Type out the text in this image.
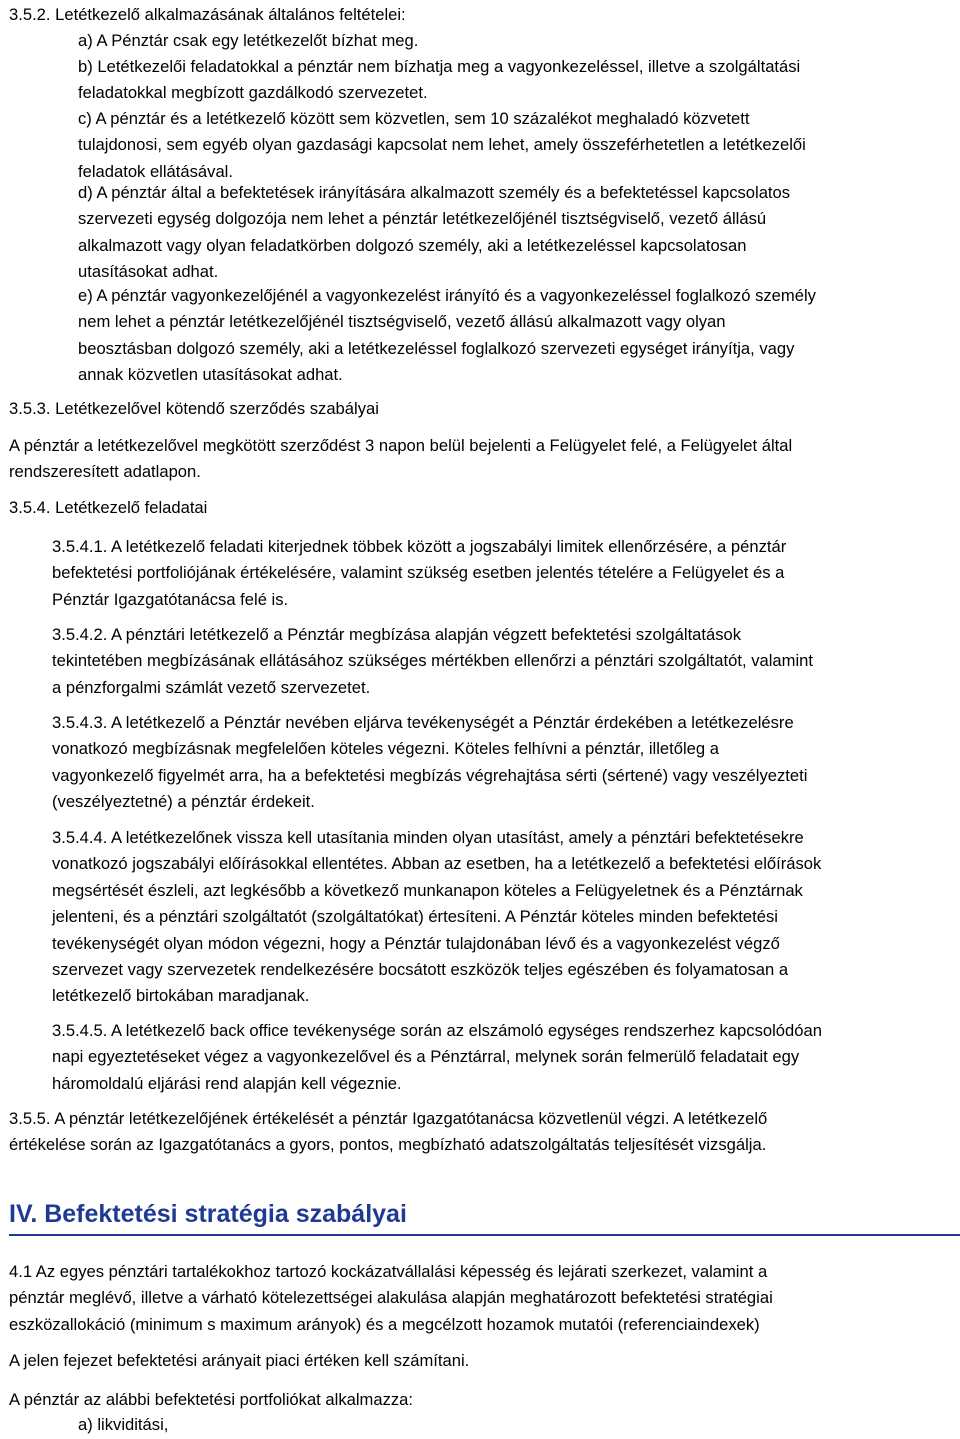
3.5.2. Letétkezelő alkalmazásának általános feltételei:
a) A Pénztár csak egy letétkezelőt bízhat meg.
b) Letétkezelői feladatokkal a pénztár nem bízhatja meg a vagyonkezeléssel, illetve a szolgáltatási
feladatokkal megbízott gazdálkodó szervezetet.
c) A pénztár és a letétkezelő között sem közvetlen, sem 10 százalékot meghaladó közvetett
tulajdonosi, sem egyéb olyan gazdasági kapcsolat nem lehet, amely összeférhetetlen a letétkezelői
feladatok ellátásával.
d) A pénztár által a befektetések irányítására alkalmazott személy és a befektetéssel kapcsolatos
szervezeti egység dolgozója nem lehet a pénztár letétkezelőjénél tisztségviselő, vezető állású
alkalmazott vagy olyan feladatkörben dolgozó személy, aki a letétkezeléssel kapcsolatosan
utasításokat adhat.
e) A pénztár vagyonkezelőjénél a vagyonkezelést irányító és a vagyonkezeléssel foglalkozó személy
nem lehet a pénztár letétkezelőjénél tisztségviselő, vezető állású alkalmazott vagy olyan
beosztásban dolgozó személy, aki a letétkezeléssel foglalkozó szervezeti egységet irányítja, vagy
annak közvetlen utasításokat adhat.
3.5.3. Letétkezelővel kötendő szerződés szabályai
A pénztár a letétkezelővel megkötött szerződést 3 napon belül bejelenti a Felügyelet felé, a Felügyelet által
rendszeresített adatlapon.
3.5.4. Letétkezelő feladatai
3.5.4.1. A letétkezelő feladati kiterjednek többek között a jogszabályi limitek ellenőrzésére, a pénztár
befektetési portfoliójának értékelésére, valamint szükség esetben jelentés tételére a Felügyelet és a
Pénztár Igazgatótanácsa felé is.
3.5.4.2. A pénztári letétkezelő a Pénztár megbízása alapján végzett befektetési szolgáltatások
tekintetében megbízásának ellátásához szükséges mértékben ellenőrzi a pénztári szolgáltatót, valamint
a pénzforgalmi számlát vezető szervezetet.
3.5.4.3. A letétkezelő a Pénztár nevében eljárva tevékenységét a Pénztár érdekében a letétkezelésre
vonatkozó megbízásnak megfelelően köteles végezni. Köteles felhívni a pénztár, illetőleg a
vagyonkezelő figyelmét arra, ha a befektetési megbízás végrehajtása sérti (sértené) vagy veszélyezteti
(veszélyeztetné) a pénztár érdekeit.
3.5.4.4. A letétkezelőnek vissza kell utasítania minden olyan utasítást, amely a pénztári befektetésekre
vonatkozó jogszabályi előírásokkal ellentétes. Abban az esetben, ha a letétkezelő a befektetési előírások
megsértését észleli, azt legkésőbb a következő munkanapon köteles a Felügyeletnek és a Pénztárnak
jelenteni, és a pénztári szolgáltatót (szolgáltatókat) értesíteni. A Pénztár köteles minden befektetési
tevékenységét olyan módon végezni, hogy a Pénztár tulajdonában lévő és a vagyonkezelést végző
szervezet vagy szervezetek rendelkezésére bocsátott eszközök teljes egészében és folyamatosan a
letétkezelő birtokában maradjanak.
3.5.4.5. A letétkezelő back office tevékenysége során az elszámoló egységes rendszerhez kapcsolódóan
napi egyeztetéseket végez a vagyonkezelővel és a Pénztárral, melynek során felmerülő feladatait egy
háromoldalú eljárási rend alapján kell végeznie.
3.5.5. A pénztár letétkezelőjének értékelését a pénztár Igazgatótanácsa közvetlenül végzi. A letétkezelő
értékelése során az Igazgatótanács a gyors, pontos, megbízható adatszolgáltatás teljesítését vizsgálja.
IV. Befektetési stratégia szabályai
4.1 Az egyes pénztári tartalékokhoz tartozó kockázatvállalási képesség és lejárati szerkezet, valamint a
pénztár meglévő, illetve a várható kötelezettségei alakulása alapján meghatározott befektetési stratégiai
eszközallokáció (minimum s maximum arányok) és a megcélzott hozamok mutatói (referenciaindexek)
A jelen fejezet befektetési arányait piaci értéken kell számítani.
A pénztár az alábbi befektetési portfoliókat alkalmazza:
a) likviditási,
